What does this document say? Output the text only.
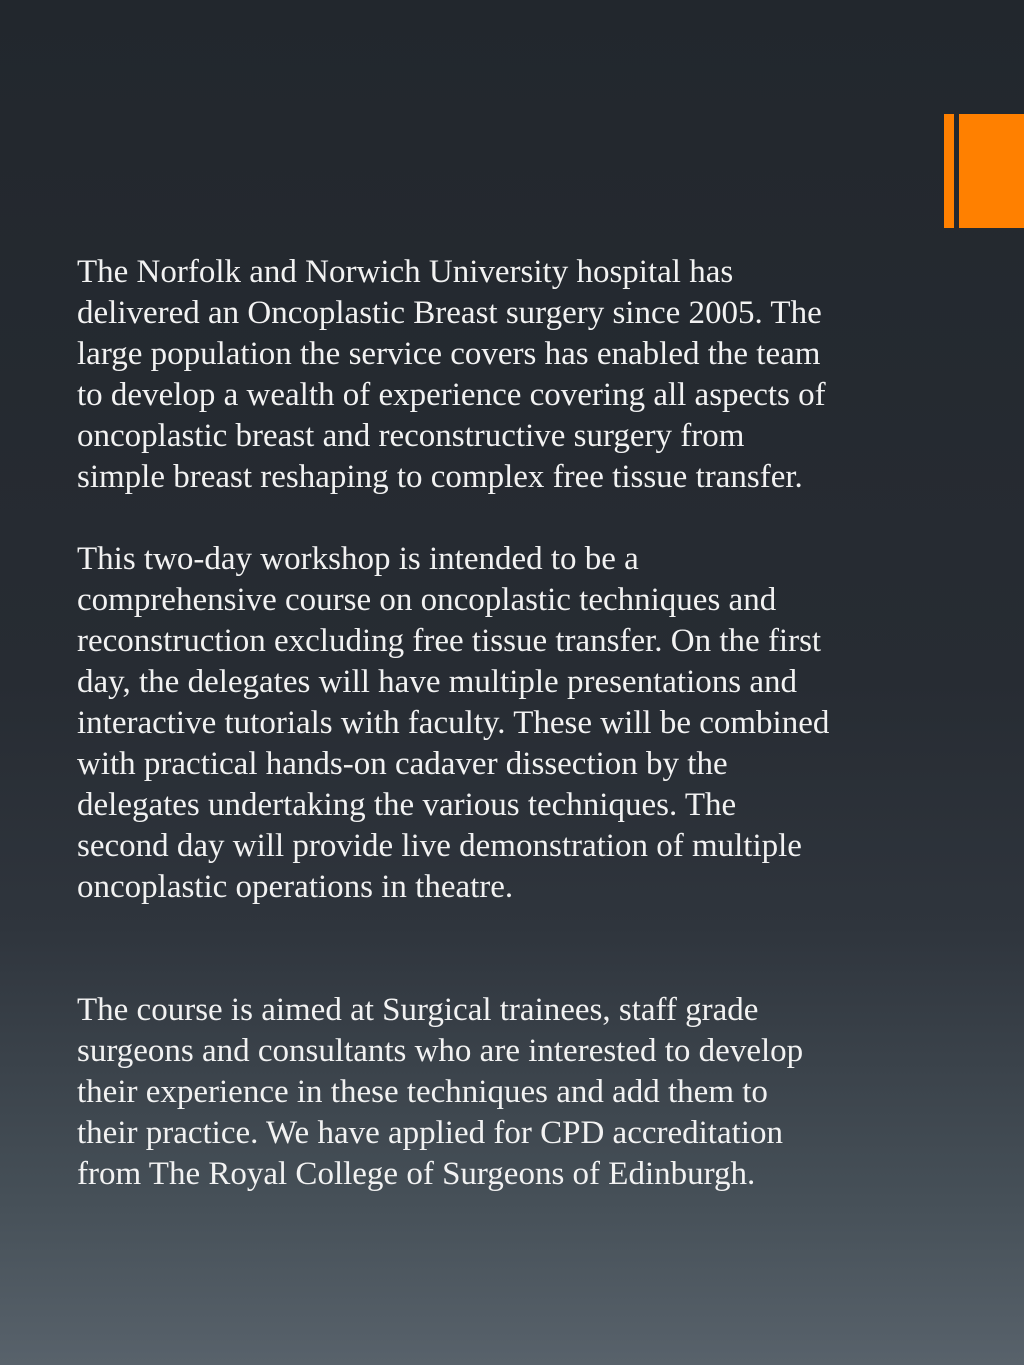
The Norfolk and Norwich University hospital has
delivered an Oncoplastic Breast surgery since 2005. The
large population the service covers has enabled the team
to develop a wealth of experience covering all aspects of
oncoplastic breast and reconstructive surgery from
simple breast reshaping to complex free tissue transfer.

This two-day workshop is intended to be a
comprehensive course on oncoplastic techniques and
reconstruction excluding free tissue transfer. On the first
day, the delegates will have multiple presentations and
interactive tutorials with faculty. These will be combined
with practical hands-on cadaver dissection by the
delegates undertaking the various techniques. The
second day will provide live demonstration of multiple
oncoplastic operations in theatre.

The course is aimed at Surgical trainees, staff grade
surgeons and consultants who are interested to develop
their experience in these techniques and add them to
their practice. We have applied for CPD accreditation
from The Royal College of Surgeons of Edinburgh.
